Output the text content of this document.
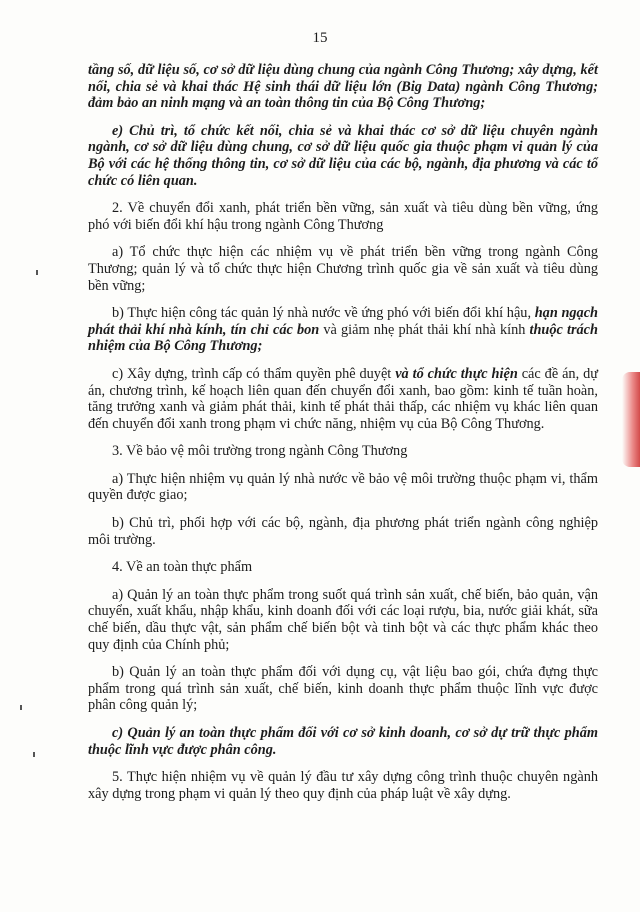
15

tầng số, dữ liệu số, cơ sở dữ liệu dùng chung của ngành Công Thương; xây dựng, kết nối, chia sẻ và khai thác Hệ sinh thái dữ liệu lớn (Big Data) ngành Công Thương; đảm bảo an ninh mạng và an toàn thông tin của Bộ Công Thương;

e) Chủ trì, tổ chức kết nối, chia sẻ và khai thác cơ sở dữ liệu chuyên ngành ngành, cơ sở dữ liệu dùng chung, cơ sở dữ liệu quốc gia thuộc phạm vi quản lý của Bộ với các hệ thống thông tin, cơ sở dữ liệu của các bộ, ngành, địa phương và các tổ chức có liên quan.

2. Về chuyển đổi xanh, phát triển bền vững, sản xuất và tiêu dùng bền vững, ứng phó với biến đổi khí hậu trong ngành Công Thương

a) Tổ chức thực hiện các nhiệm vụ về phát triển bền vững trong ngành Công Thương; quản lý và tổ chức thực hiện Chương trình quốc gia về sản xuất và tiêu dùng bền vững;

b) Thực hiện công tác quản lý nhà nước về ứng phó với biến đổi khí hậu, hạn ngạch phát thải khí nhà kính, tín chỉ các bon và giảm nhẹ phát thải khí nhà kính thuộc trách nhiệm của Bộ Công Thương;

c) Xây dựng, trình cấp có thẩm quyền phê duyệt và tổ chức thực hiện các đề án, dự án, chương trình, kế hoạch liên quan đến chuyển đổi xanh, bao gồm: kinh tế tuần hoàn, tăng trưởng xanh và giảm phát thải, kinh tế phát thải thấp, các nhiệm vụ khác liên quan đến chuyển đổi xanh trong phạm vi chức năng, nhiệm vụ của Bộ Công Thương.

3. Về bảo vệ môi trường trong ngành Công Thương

a) Thực hiện nhiệm vụ quản lý nhà nước về bảo vệ môi trường thuộc phạm vi, thẩm quyền được giao;

b) Chủ trì, phối hợp với các bộ, ngành, địa phương phát triển ngành công nghiệp môi trường.

4. Về an toàn thực phẩm

a) Quản lý an toàn thực phẩm trong suốt quá trình sản xuất, chế biến, bảo quản, vận chuyển, xuất khẩu, nhập khẩu, kinh doanh đối với các loại rượu, bia, nước giải khát, sữa chế biến, dầu thực vật, sản phẩm chế biến bột và tinh bột và các thực phẩm khác theo quy định của Chính phủ;

b) Quản lý an toàn thực phẩm đối với dụng cụ, vật liệu bao gói, chứa đựng thực phẩm trong quá trình sản xuất, chế biến, kinh doanh thực phẩm thuộc lĩnh vực được phân công quản lý;

c) Quản lý an toàn thực phẩm đối với cơ sở kinh doanh, cơ sở dự trữ thực phẩm thuộc lĩnh vực được phân công.

5. Thực hiện nhiệm vụ về quản lý đầu tư xây dựng công trình thuộc chuyên ngành xây dựng trong phạm vi quản lý theo quy định của pháp luật về xây dựng.
